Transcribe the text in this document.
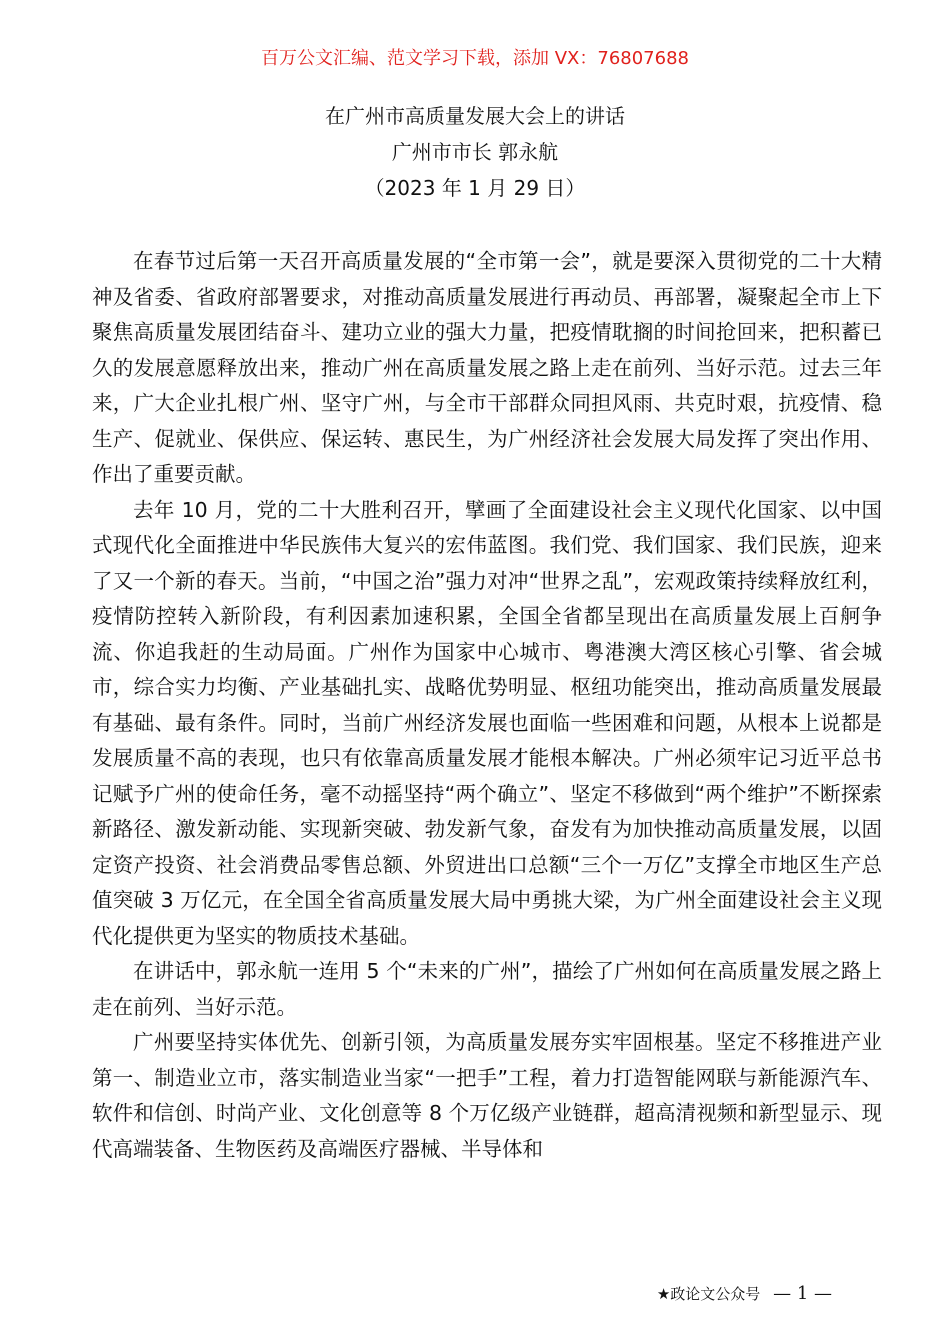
百万公文汇编、范文学习下载，添加 VX：76807688
在广州市高质量发展大会上的讲话
广州市市长 郭永航
（2023 年 1 月 29 日）

在春节过后第一天召开高质量发展的“全市第一会”，就是要深入贯彻党的二十大精神及省委、省政府部署要求，对推动高质量发展进行再动员、再部署，凝聚起全市上下聚焦高质量发展团结奋斗、建功立业的强大力量，把疫情耽搁的时间抢回来，把积蓄已久的发展意愿释放出来，推动广州在高质量发展之路上走在前列、当好示范。过去三年来，广大企业扎根广州、坚守广州，与全市干部群众同担风雨、共克时艰，抗疫情、稳生产、促就业、保供应、保运转、惠民生，为广州经济社会发展大局发挥了突出作用、作出了重要贡献。

去年 10 月，党的二十大胜利召开，擘画了全面建设社会主义现代化国家、以中国式现代化全面推进中华民族伟大复兴的宏伟蓝图。我们党、我们国家、我们民族，迎来了又一个新的春天。当前，“中国之治”强力对冲“世界之乱”，宏观政策持续释放红利，疫情防控转入新阶段，有利因素加速积累，全国全省都呈现出在高质量发展上百舸争流、你追我赶的生动局面。广州作为国家中心城市、粤港澳大湾区核心引擎、省会城市，综合实力均衡、产业基础扎实、战略优势明显、枢纽功能突出，推动高质量发展最有基础、最有条件。同时，当前广州经济发展也面临一些困难和问题，从根本上说都是发展质量不高的表现，也只有依靠高质量发展才能根本解决。广州必须牢记习近平总书记赋予广州的使命任务，毫不动摇坚持“两个确立”、坚定不移做到“两个维护”不断探索新路径、激发新动能、实现新突破、勃发新气象，奋发有为加快推动高质量发展，以固定资产投资、社会消费品零售总额、外贸进出口总额“三个一万亿”支撑全市地区生产总值突破 3 万亿元，在全国全省高质量发展大局中勇挑大梁，为广州全面建设社会主义现代化提供更为坚实的物质技术基础。

在讲话中，郭永航一连用 5 个“未来的广州”，描绘了广州如何在高质量发展之路上走在前列、当好示范。

广州要坚持实体优先、创新引领，为高质量发展夯实牢固根基。坚定不移推进产业第一、制造业立市，落实制造业当家“一把手”工程，着力打造智能网联与新能源汽车、软件和信创、时尚产业、文化创意等 8 个万亿级产业链群，超高清视频和新型显示、现代高端装备、生物医药及高端医疗器械、半导体和

★政论文公众号 — 1 —
